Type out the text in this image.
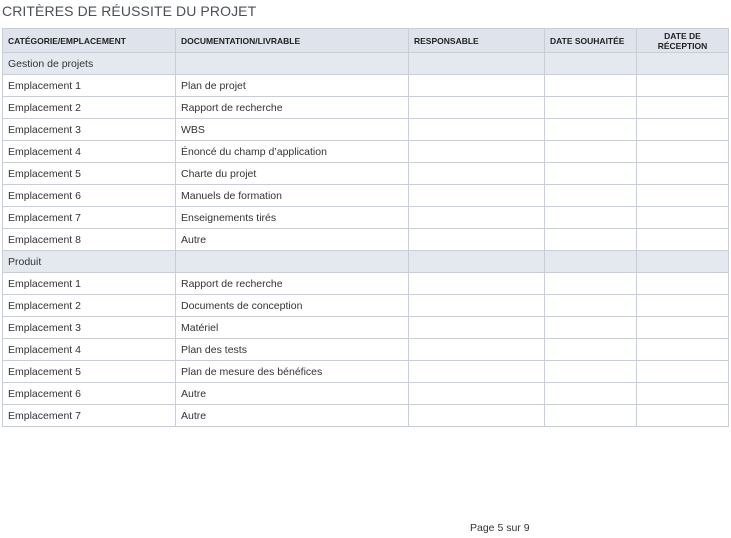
CRITÈRES DE RÉUSSITE DU PROJET
CATÉGORIE/EMPLACEMENT	DOCUMENTATION/LIVRABLE	RESPONSABLE	DATE SOUHAITÉE	DATE DE
RÉCEPTION
Gestion de projets				
Emplacement 1	Plan de projet			
Emplacement 2	Rapport de recherche			
Emplacement 3	WBS			
Emplacement 4	Énoncé du champ d’application			
Emplacement 5	Charte du projet			
Emplacement 6	Manuels de formation			
Emplacement 7	Enseignements tirés			
Emplacement 8	Autre			
Produit				
Emplacement 1	Rapport de recherche			
Emplacement 2	Documents de conception			
Emplacement 3	Matériel			
Emplacement 4	Plan des tests			
Emplacement 5	Plan de mesure des bénéfices			
Emplacement 6	Autre			
Emplacement 7	Autre			
Page 5 sur 9
